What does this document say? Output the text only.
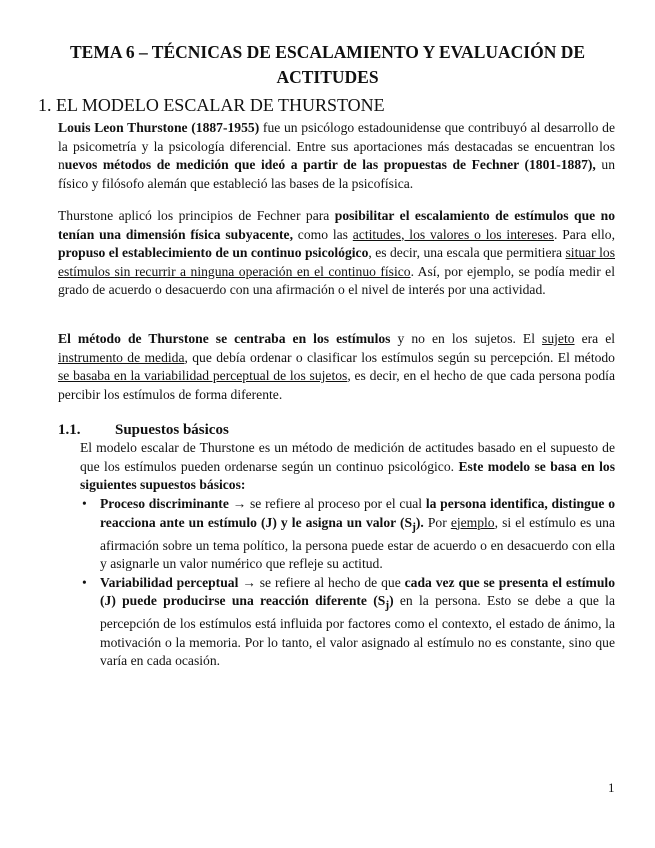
TEMA 6 – TÉCNICAS DE ESCALAMIENTO Y EVALUACIÓN DE ACTITUDES
1. EL MODELO ESCALAR DE THURSTONE

Louis Leon Thurstone (1887-1955) fue un psicólogo estadounidense que contribuyó al desarrollo de la psicometría y la psicología diferencial. Entre sus aportaciones más destacadas se encuentran los nuevos métodos de medición que ideó a partir de las propuestas de Fechner (1801-1887), un físico y filósofo alemán que estableció las bases de la psicofísica.

Thurstone aplicó los principios de Fechner para posibilitar el escalamiento de estímulos que no tenían una dimensión física subyacente, como las actitudes, los valores o los intereses. Para ello, propuso el establecimiento de un continuo psicológico, es decir, una escala que permitiera situar los estímulos sin recurrir a ninguna operación en el continuo físico. Así, por ejemplo, se podía medir el grado de acuerdo o desacuerdo con una afirmación o el nivel de interés por una actividad.

El método de Thurstone se centraba en los estímulos y no en los sujetos. El sujeto era el instrumento de medida, que debía ordenar o clasificar los estímulos según su percepción. El método se basaba en la variabilidad perceptual de los sujetos, es decir, en el hecho de que cada persona podía percibir los estímulos de forma diferente.

1.1. Supuestos básicos

El modelo escalar de Thurstone es un método de medición de actitudes basado en el supuesto de que los estímulos pueden ordenarse según un continuo psicológico. Este modelo se basa en los siguientes supuestos básicos:

• Proceso discriminante → se refiere al proceso por el cual la persona identifica, distingue o reacciona ante un estímulo (J) y le asigna un valor $(S_j)$. Por ejemplo, si el estímulo es una afirmación sobre un tema político, la persona puede estar de acuerdo o en desacuerdo con ella y asignarle un valor numérico que refleje su actitud.
• Variabilidad perceptual → se refiere al hecho de que cada vez que se presenta el estímulo (J) puede producirse una reacción diferente $(S_j)$ en la persona. Esto se debe a que la percepción de los estímulos está influida por factores como el contexto, el estado de ánimo, la motivación o la memoria. Por lo tanto, el valor asignado al estímulo no es constante, sino que varía en cada ocasión.
1
